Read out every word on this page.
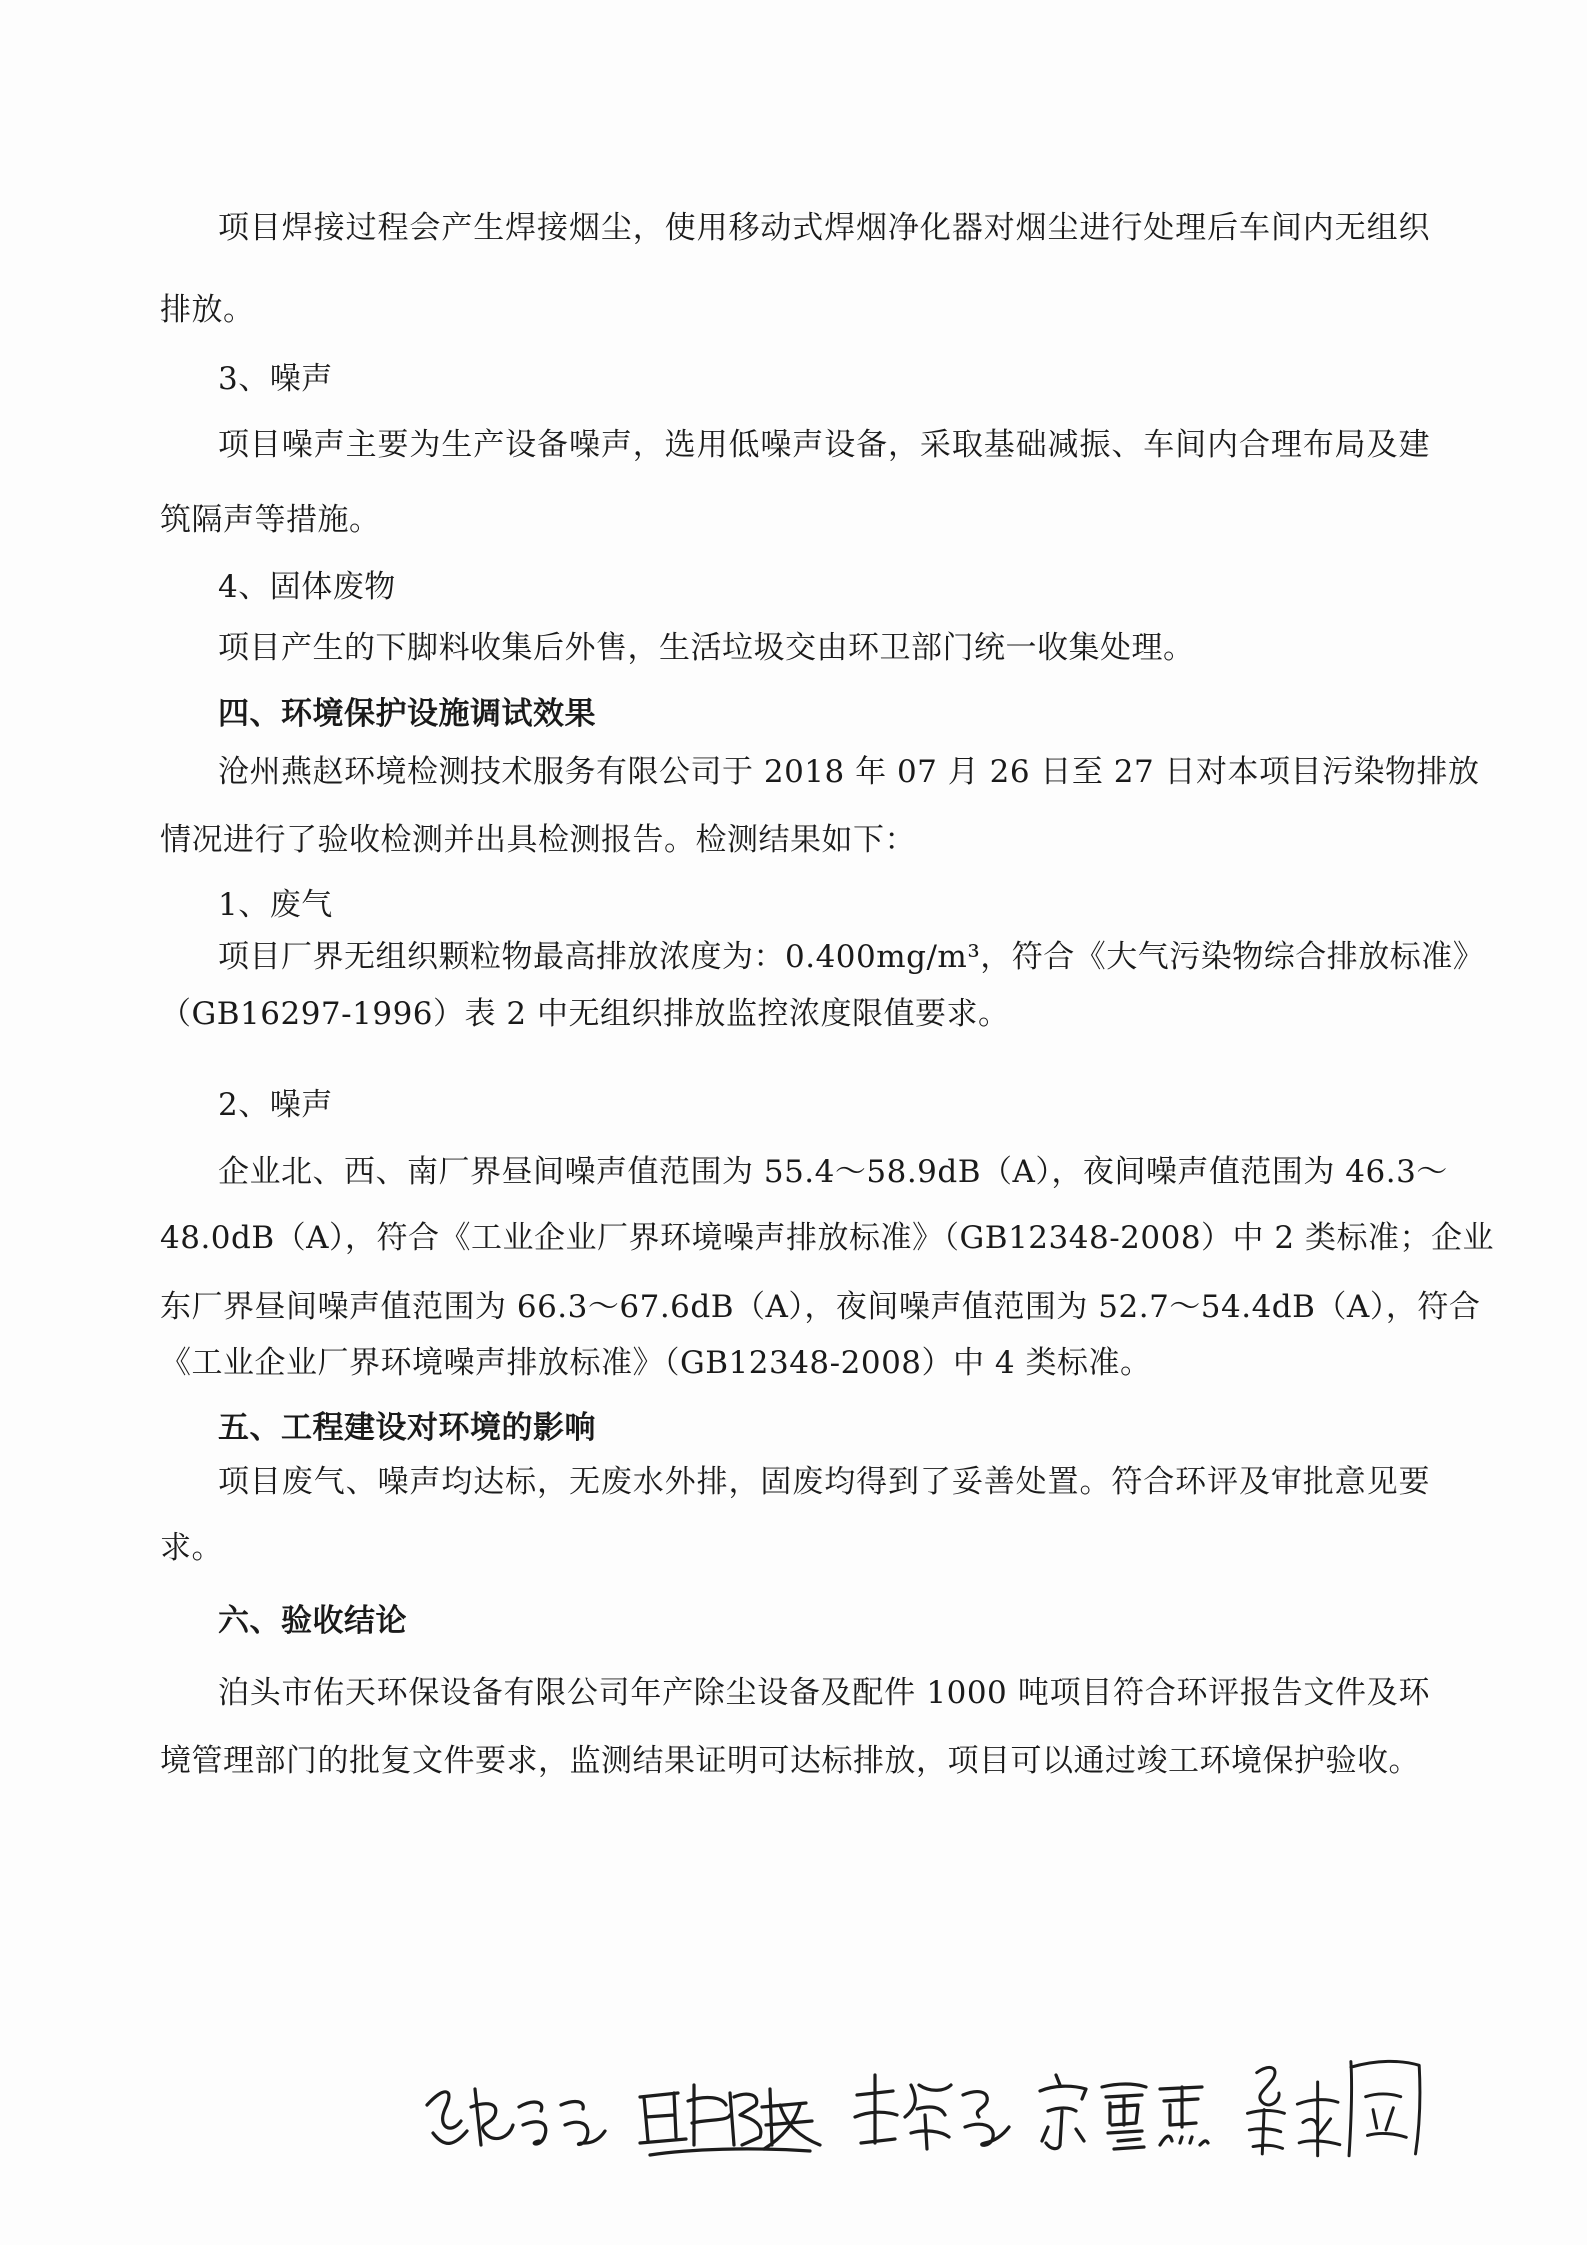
项目焊接过程会产生焊接烟尘，使用移动式焊烟净化器对烟尘进行处理后车间内无组织
排放。
3、噪声
项目噪声主要为生产设备噪声，选用低噪声设备，采取基础减振、车间内合理布局及建
筑隔声等措施。
4、固体废物
项目产生的下脚料收集后外售，生活垃圾交由环卫部门统一收集处理。
四、环境保护设施调试效果
沧州燕赵环境检测技术服务有限公司于 2018 年 07 月 26 日至 27 日对本项目污染物排放
情况进行了验收检测并出具检测报告。检测结果如下：
1、废气
项目厂界无组织颗粒物最高排放浓度为：0.400mg/m³，符合《大气污染物综合排放标准》
（GB16297-1996）表 2 中无组织排放监控浓度限值要求。
2、噪声
企业北、西、南厂界昼间噪声值范围为 55.4～58.9dB（A），夜间噪声值范围为 46.3～
48.0dB（A），符合《工业企业厂界环境噪声排放标准》（GB12348-2008）中 2 类标准；企业
东厂界昼间噪声值范围为 66.3～67.6dB（A），夜间噪声值范围为 52.7～54.4dB（A），符合
《工业企业厂界环境噪声排放标准》（GB12348-2008）中 4 类标准。
五、工程建设对环境的影响
项目废气、噪声均达标，无废水外排，固废均得到了妥善处置。符合环评及审批意见要
求。
六、验收结论
泊头市佑天环保设备有限公司年产除尘设备及配件 1000 吨项目符合环评报告文件及环
境管理部门的批复文件要求，监测结果证明可达标排放，项目可以通过竣工环境保护验收。
